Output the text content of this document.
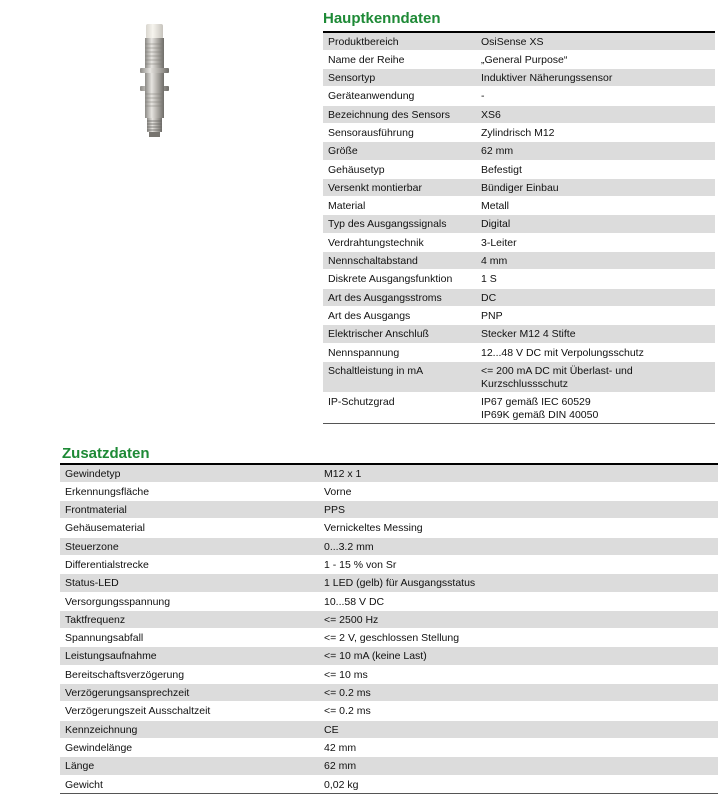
Hauptkenndaten
Produktbereich	OsiSense XS

Name der Reihe	„General Purpose“

Sensortyp	Induktiver Näherungssensor

Geräteanwendung	-

Bezeichnung des Sensors	XS6

Sensorausführung	Zylindrisch M12

Größe	62 mm

Gehäusetyp	Befestigt

Versenkt montierbar	Bündiger Einbau

Material	Metall

Typ des Ausgangssignals	Digital

Verdrahtungstechnik	3-Leiter

Nennschaltabstand	4 mm

Diskrete Ausgangsfunktion	1 S

Art des Ausgangsstroms	DC

Art des Ausgangs	PNP

Elektrischer Anschluß	Stecker M12 4 Stifte

Nennspannung	12...48 V DC mit Verpolungsschutz

Schaltleistung in mA	<= 200 mA DC mit Überlast- und
Kurzschlussschutz

IP-Schutzgrad	IP67 gemäß IEC 60529
IP69K gemäß DIN 40050
Zusatzdaten
Gewindetyp	M12 x 1

Erkennungsfläche	Vorne

Frontmaterial	PPS

Gehäusematerial	Vernickeltes Messing

Steuerzone	0...3.2 mm

Differentialstrecke	1 - 15 % von Sr

Status-LED	1 LED (gelb) für Ausgangsstatus

Versorgungsspannung	10...58 V DC

Taktfrequenz	<= 2500 Hz

Spannungsabfall	<= 2 V, geschlossen Stellung

Leistungsaufnahme	<= 10 mA (keine Last)

Bereitschaftsverzögerung	<= 10 ms

Verzögerungsansprechzeit	<= 0.2 ms

Verzögerungszeit Ausschaltzeit	<= 0.2 ms

Kennzeichnung	CE

Gewindelänge	42 mm

Länge	62 mm

Gewicht	0,02 kg
